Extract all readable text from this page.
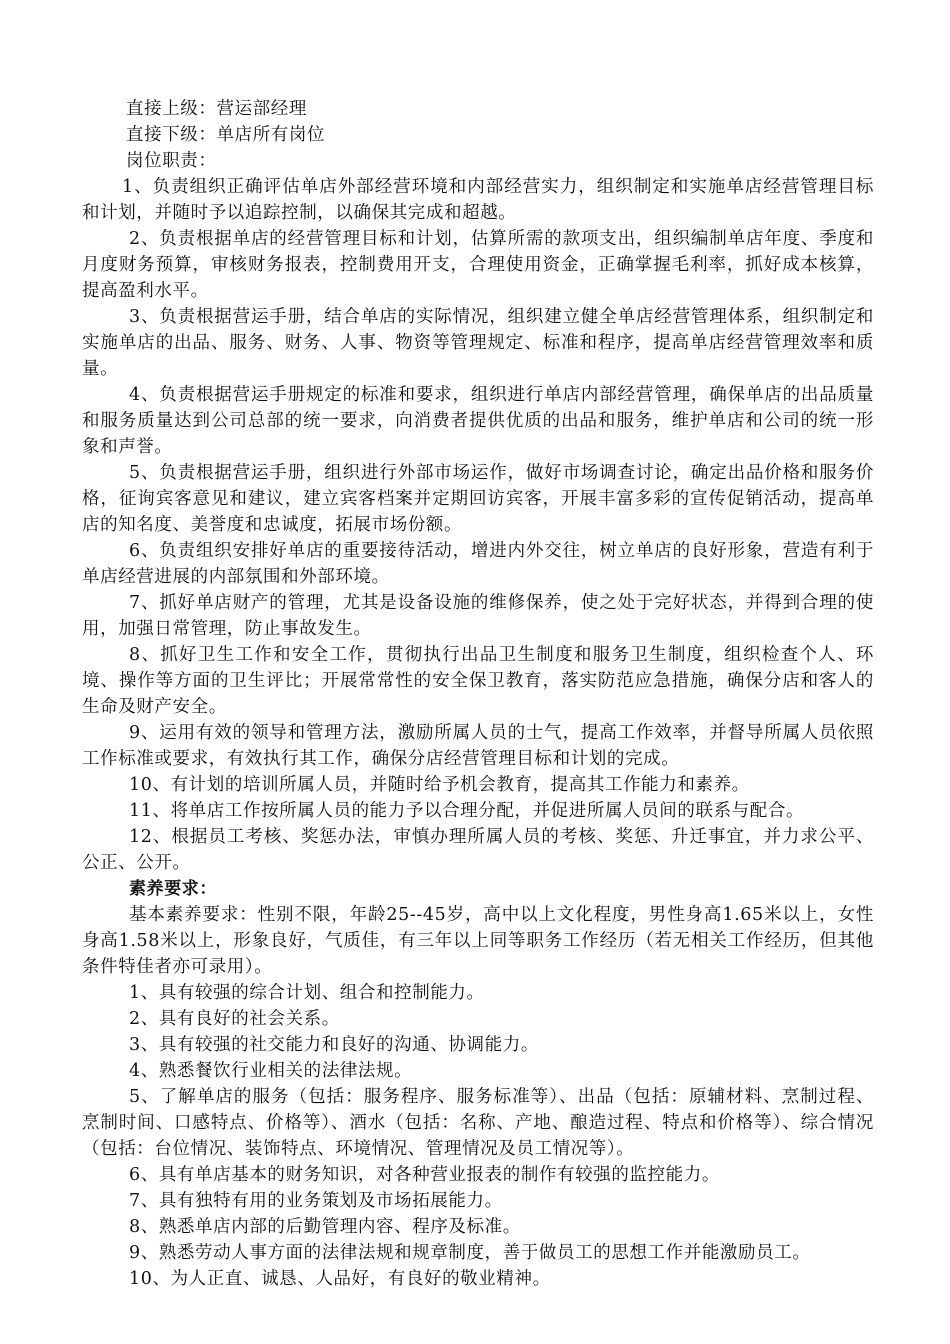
直接上级：营运部经理

直接下级：单店所有岗位

岗位职责：

1、负责组织正确评估单店外部经营环境和内部经营实力，组织制定和实施单店经营管理目标和计划，并随时予以追踪控制，以确保其完成和超越。

2、负责根据单店的经营管理目标和计划，估算所需的款项支出，组织编制单店年度、季度和月度财务预算，审核财务报表，控制费用开支，合理使用资金，正确掌握毛利率，抓好成本核算，提高盈利水平。

3、负责根据营运手册，结合单店的实际情况，组织建立健全单店经营管理体系，组织制定和实施单店的出品、服务、财务、人事、物资等管理规定、标准和程序，提高单店经营管理效率和质量。

4、负责根据营运手册规定的标准和要求，组织进行单店内部经营管理，确保单店的出品质量和服务质量达到公司总部的统一要求，向消费者提供优质的出品和服务，维护单店和公司的统一形象和声誉。

5、负责根据营运手册，组织进行外部市场运作，做好市场调查讨论，确定出品价格和服务价格，征询宾客意见和建议，建立宾客档案并定期回访宾客，开展丰富多彩的宣传促销活动，提高单店的知名度、美誉度和忠诚度，拓展市场份额。

6、负责组织安排好单店的重要接待活动，增进内外交往，树立单店的良好形象，营造有利于单店经营进展的内部氛围和外部环境。

7、抓好单店财产的管理，尤其是设备设施的维修保养，使之处于完好状态，并得到合理的使用，加强日常管理，防止事故发生。

8、抓好卫生工作和安全工作，贯彻执行出品卫生制度和服务卫生制度，组织检查个人、环境、操作等方面的卫生评比；开展常常性的安全保卫教育，落实防范应急措施，确保分店和客人的生命及财产安全。

9、运用有效的领导和管理方法，激励所属人员的士气，提高工作效率，并督导所属人员依照工作标准或要求，有效执行其工作，确保分店经营管理目标和计划的完成。

10、有计划的培训所属人员，并随时给予机会教育，提高其工作能力和素养。

11、将单店工作按所属人员的能力予以合理分配，并促进所属人员间的联系与配合。

12、根据员工考核、奖惩办法，审慎办理所属人员的考核、奖惩、升迁事宜，并力求公平、公正、公开。

素养要求：

基本素养要求：性别不限，年龄25--45岁，高中以上文化程度，男性身高1.65米以上，女性身高1.58米以上，形象良好，气质佳，有三年以上同等职务工作经历（若无相关工作经历，但其他条件特佳者亦可录用）。

1、具有较强的综合计划、组合和控制能力。

2、具有良好的社会关系。

3、具有较强的社交能力和良好的沟通、协调能力。

4、熟悉餐饮行业相关的法律法规。

5、了解单店的服务（包括：服务程序、服务标准等）、出品（包括：原辅材料、烹制过程、烹制时间、口感特点、价格等）、酒水（包括：名称、产地、酿造过程、特点和价格等）、综合情况（包括：台位情况、装饰特点、环境情况、管理情况及员工情况等）。

6、具有单店基本的财务知识，对各种营业报表的制作有较强的监控能力。

7、具有独特有用的业务策划及市场拓展能力。

8、熟悉单店内部的后勤管理内容、程序及标准。

9、熟悉劳动人事方面的法律法规和规章制度，善于做员工的思想工作并能激励员工。

10、为人正直、诚恳、人品好，有良好的敬业精神。
